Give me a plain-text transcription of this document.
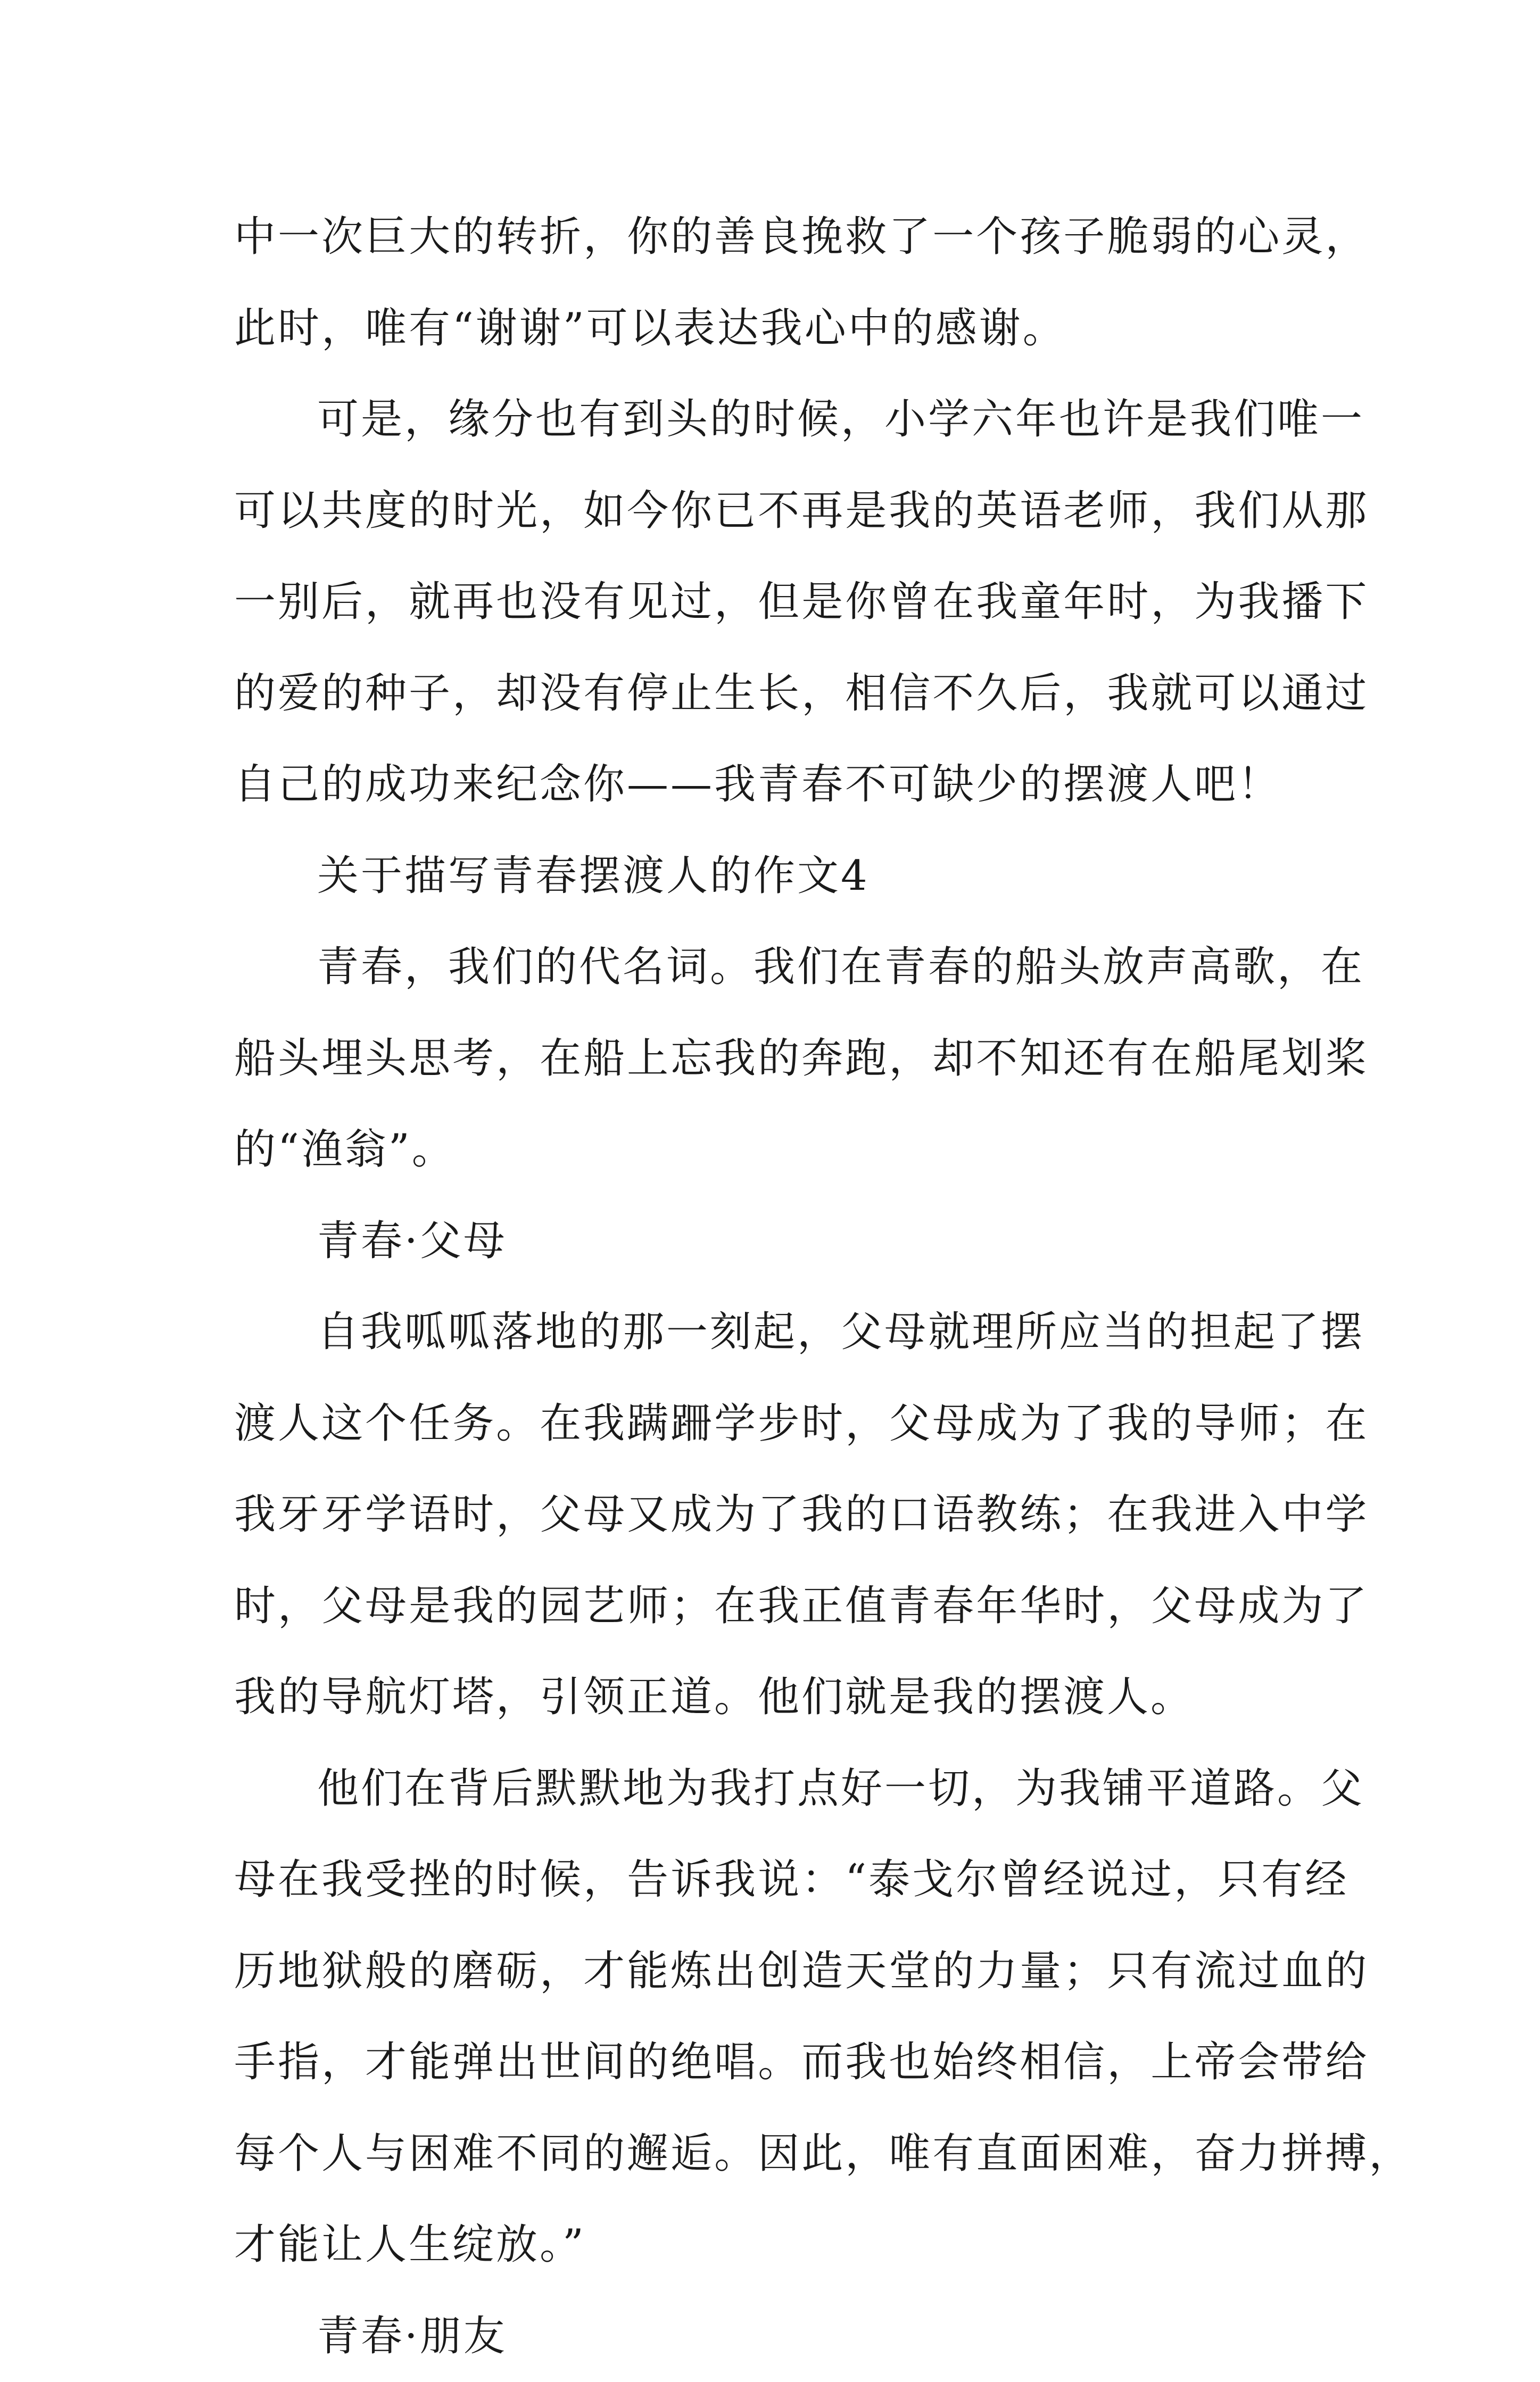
中 一 次 巨 大 的 转 折 ， 你 的 善 良 挽 救 了 一 个 孩 子 脆 弱 的 心 灵 ，
此时，唯有“谢谢”可以表达我心中的感谢。
可是，缘分也有到头的时候，小学六年也许是我们唯一
可 以 共 度 的 时 光 ， 如 今 你 已 不 再 是 我 的 英 语 老 师 ， 我 们 从 那
一 别 后 ， 就 再 也 没 有 见 过 ， 但 是 你 曾 在 我 童 年 时 ， 为 我 播 下
的 爱 的 种 子 ， 却 没 有 停 止 生 长 ， 相 信 不 久 后 ， 我 就 可 以 通 过
自己的成功来纪念你——我青春不可缺少的摆渡人吧！
关于描写青春摆渡人的作文4
青春，我们的代名词。我们在青春的船头放声高歌，在
船 头 埋 头 思 考 ， 在 船 上 忘 我 的 奔 跑 ， 却 不 知 还 有 在 船 尾 划 桨
的“渔翁”。
青春·父母
自我呱呱落地的那一刻起，父母就理所应当的担起了摆
渡 人 这 个 任 务 。 在 我 蹒 跚 学 步 时 ， 父 母 成 为 了 我 的 导 师 ； 在
我 牙 牙 学 语 时 ， 父 母 又 成 为 了 我 的 口 语 教 练 ； 在 我 进 入 中 学
时 ， 父 母 是 我 的 园 艺 师 ； 在 我 正 值 青 春 年 华 时 ， 父 母 成 为 了
我的导航灯塔，引领正道。他们就是我的摆渡人。
他们在背后默默地为我打点好一切，为我铺平道路。父
母 在 我 受 挫 的 时 候 ， 告 诉 我 说 ： “ 泰 戈 尔 曾 经 说 过 ， 只 有 经
历 地 狱 般 的 磨 砺 ， 才 能 炼 出 创 造 天 堂 的 力 量 ； 只 有 流 过 血 的
手 指 ， 才 能 弹 出 世 间 的 绝 唱 。 而 我 也 始 终 相 信 ， 上 帝 会 带 给
每 个 人 与 困 难 不 同 的 邂 逅 。 因 此 ， 唯 有 直 面 困 难 ， 奋 力 拼 搏 ，
才能让人生绽放。”
青春·朋友
